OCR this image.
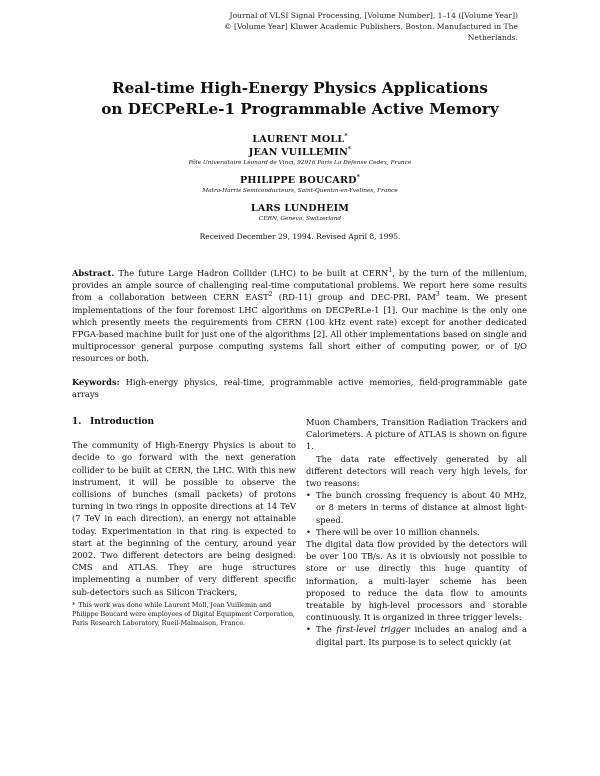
Journal of VLSI Signal Processing, [Volume Number], 1–14 ([Volume Year])
© [Volume Year] Kluwer Academic Publishers, Boston. Manufactured in The Netherlands.
Real-time High-Energy Physics Applications
on DECPeRLe-1 Programmable Active Memory
LAURENT MOLL*
JEAN VUILLEMIN*
Pôle Universitaire Léonard de Vinci, 92916 Paris La Défense Cedex, France
PHILIPPE BOUCARD*
Matra-Harris Semiconducteurs, Saint-Quentin-en-Yvelines, France
LARS LUNDHEIM
CERN, Geneva, Switzerland
Received December 29, 1994. Revised April 8, 1995.
Abstract. The future Large Hadron Collider (LHC) to be built at CERN$^1$, by the turn of the millenium, provides an ample source of challenging real-time computational problems. We report here some results from a collaboration between CERN EAST$^2$ (RD-11) group and DEC-PRL PAM$^3$ team. We present implementations of the four foremost LHC algorithms on DECPeRLe-1 [1]. Our machine is the only one which presently meets the requirements from CERN (100 kHz event rate) except for another dedicated FPGA-based machine built for just one of the algorithms [2]. All other implementations based on single and multiprocessor general purpose computing systems fall short either of computing power, or of I/O resources or both.
Keywords: High-energy physics, real-time, programmable active memories, field-programmable gate arrays
1. Introduction

The community of High-Energy Physics is about to decide to go forward with the next generation collider to be built at CERN, the LHC. With this new instrument, it will be possible to observe the collisions of bunches (small packets) of protons turning in two rings in opposite directions at 14 TeV (7 TeV in each direction), an energy not attainable today. Experimentation in that ring is expected to start at the beginning of the century, around year 2002. Two different detectors are being designed: CMS and ATLAS. They are huge structures implementing a number of very different specific sub-detectors such as Silicon Trackers,

Muon Chambers, Transition Radiation Trackers and Calorimeters. A picture of ATLAS is shown on figure 1.

The data rate effectively generated by all different detectors will reach very high levels, for two reasons:

• The bunch crossing frequency is about 40 MHz, or 8 meters in terms of distance at almost light-speed.
• There will be over 10 million channels.

The digital data flow provided by the detectors will be over 100 TB/s. As it is obviously not possible to store or use directly this huge quantity of information, a multi-layer scheme has been proposed to reduce the data flow to amounts treatable by high-level processors and storable continuously. It is organized in three trigger levels:

• The first-level trigger includes an analog and a digital part. Its purpose is to select quickly (at
* This work was done while Laurent Moll, Jean Vuillemin and Philippe Boucard were employees of Digital Equipment Corporation, Paris Research Laboratory, Rueil-Malmaison, France.
